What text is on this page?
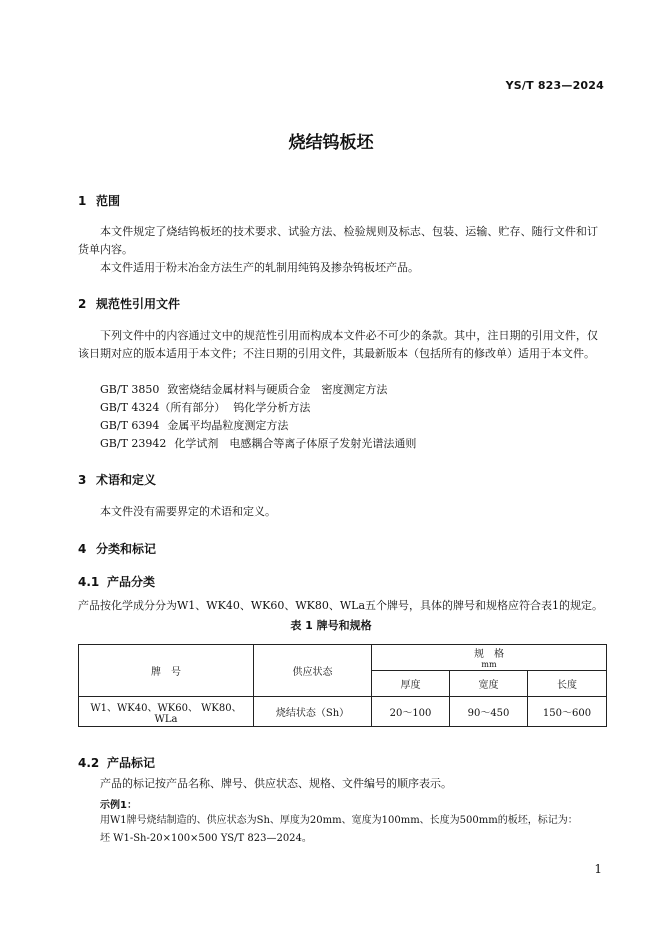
YS/T 823—2024
烧结钨板坯
1 范围
本文件规定了烧结钨板坯的技术要求、试验方法、检验规则及标志、包装、运输、贮存、随行文件和订货单内容。
本文件适用于粉末冶金方法生产的轧制用纯钨及掺杂钨板坯产品。
2 规范性引用文件
下列文件中的内容通过文中的规范性引用而构成本文件必不可少的条款。其中，注日期的引用文件，仅该日期对应的版本适用于本文件；不注日期的引用文件，其最新版本（包括所有的修改单）适用于本文件。
GB/T 3850 致密烧结金属材料与硬质合金　密度测定方法
GB/T 4324（所有部分） 钨化学分析方法
GB/T 6394 金属平均晶粒度测定方法
GB/T 23942 化学试剂　电感耦合等离子体原子发射光谱法通则
3 术语和定义
本文件没有需要界定的术语和定义。
4 分类和标记
4.1 产品分类
产品按化学成分分为W1、WK40、WK60、WK80、WLa五个牌号，具体的牌号和规格应符合表1的规定。
表 1 牌号和规格
牌　号	供应状态	规　格
mm		

		厚度	宽度	长度
W1、WK40、WK60、 WK80、 WLa	烧结状态（Sh）	20～100	90～450	150～600
4.2 产品标记
产品的标记按产品名称、牌号、供应状态、规格、文件编号的顺序表示。
示例1：
用W1牌号烧结制造的、供应状态为Sh、厚度为20mm、宽度为100mm、长度为500mm的板坯，标记为：
坯 W1-Sh-20×100×500 YS/T 823—2024。
1
